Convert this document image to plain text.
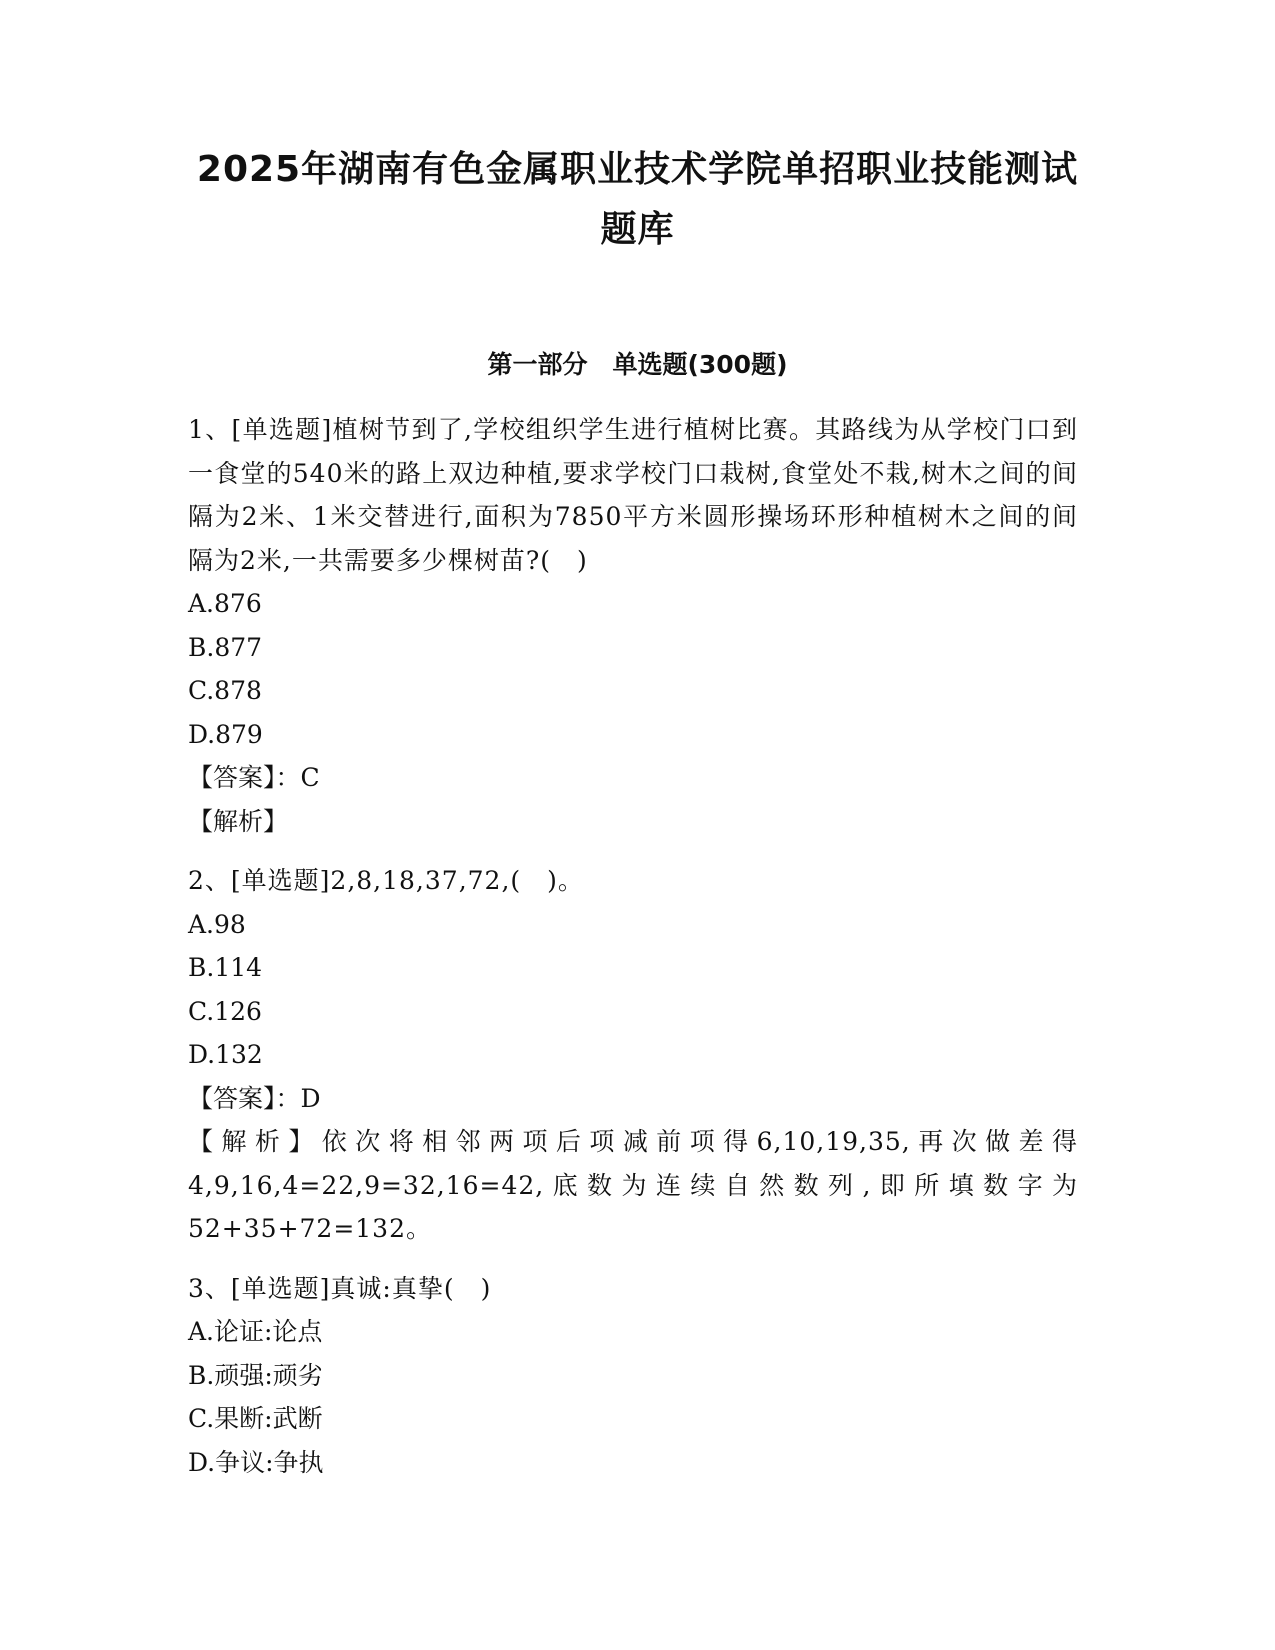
2025年湖南有色金属职业技术学院单招职业技能测试
题库
第一部分　单选题(300题)
1、[单选题]植树节到了,学校组织学生进行植树比赛。其路线为从学校门口到一食堂的540米的路上双边种植,要求学校门口栽树,食堂处不栽,树木之间的间隔为2米、1米交替进行,面积为7850平方米圆形操场环形种植树木之间的间隔为2米,一共需要多少棵树苗?(　)
A.876
B.877
C.878
D.879
【答案】：C
【解析】
2、[单选题]2,8,18,37,72,(　)。
A.98
B.114
C.126
D.132
【答案】：D
【解析】依次将相邻两项后项减前项得6,10,19,35,再次做差得4,9,16,4=22,9=32,16=42,底数为连续自然数列,即所填数字为52+35+72=132。
3、[单选题]真诚:真挚(　)
A.论证:论点
B.顽强:顽劣
C.果断:武断
D.争议:争执
